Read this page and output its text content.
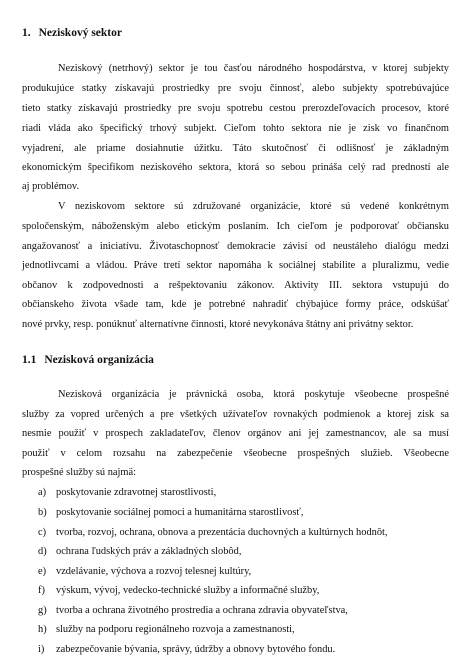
1. Neziskový sektor

Neziskový (netrhový) sektor je tou časťou národného hospodárstva, v ktorej subjekty

produkujúce statky získavajú prostriedky pre svoju činnosť, alebo subjekty spotrebúvajúce

tieto statky získavajú prostriedky pre svoju spotrebu cestou prerozdeľovacích procesov, ktoré

riadi vláda ako špecifický trhový subjekt. Cieľom tohto sektora nie je zisk vo finančnom

vyjadrení, ale priame dosiahnutie úžitku. Táto skutočnosť či odlišnosť je základným

ekonomickým špecifikom neziskového sektora, ktorá so sebou prináša celý rad predností ale

aj problémov.

V neziskovom sektore sú združované organizácie, ktoré sú vedené konkrétnym

spoločenským, náboženským alebo etickým poslaním. Ich cieľom je podporovať občiansku

angažovanosť a iniciatívu. Životaschopnosť demokracie závisí od neustáleho dialógu medzi

jednotlivcami a vládou. Práve tretí sektor napomáha k sociálnej stabilite a pluralizmu, vedie

občanov k zodpovednosti a rešpektovaniu zákonov. Aktivity III. sektora vstupujú do

občianskeho života všade tam, kde je potrebné nahradiť chýbajúce formy práce, odskúšať

nové prvky, resp. ponúknuť alternatívne činnosti, ktoré nevykonáva štátny ani privátny sektor.

1.1 Nezisková organizácia

Nezisková organizácia je právnická osoba, ktorá poskytuje všeobecne prospešné

služby za vopred určených a pre všetkých užívateľov rovnakých podmienok a ktorej zisk sa

nesmie použiť v prospech zakladateľov, členov orgánov ani jej zamestnancov, ale sa musí

použiť v celom rozsahu na zabezpečenie všeobecne prospešných služieb. Všeobecne

prospešné služby sú najmä:

a) poskytovanie zdravotnej starostlivosti,

b) poskytovanie sociálnej pomoci a humanitárna starostlivosť,

c) tvorba, rozvoj, ochrana, obnova a prezentácia duchovných a kultúrnych hodnôt,

d) ochrana ľudských práv a základných slobôd,

e) vzdelávanie, výchova a rozvoj telesnej kultúry,

f) výskum, vývoj, vedecko-technické služby a informačné služby,

g) tvorba a ochrana životného prostredia a ochrana zdravia obyvateľstva,

h) služby na podporu regionálneho rozvoja a zamestnanosti,

i) zabezpečovanie bývania, správy, údržby a obnovy bytového fondu.
